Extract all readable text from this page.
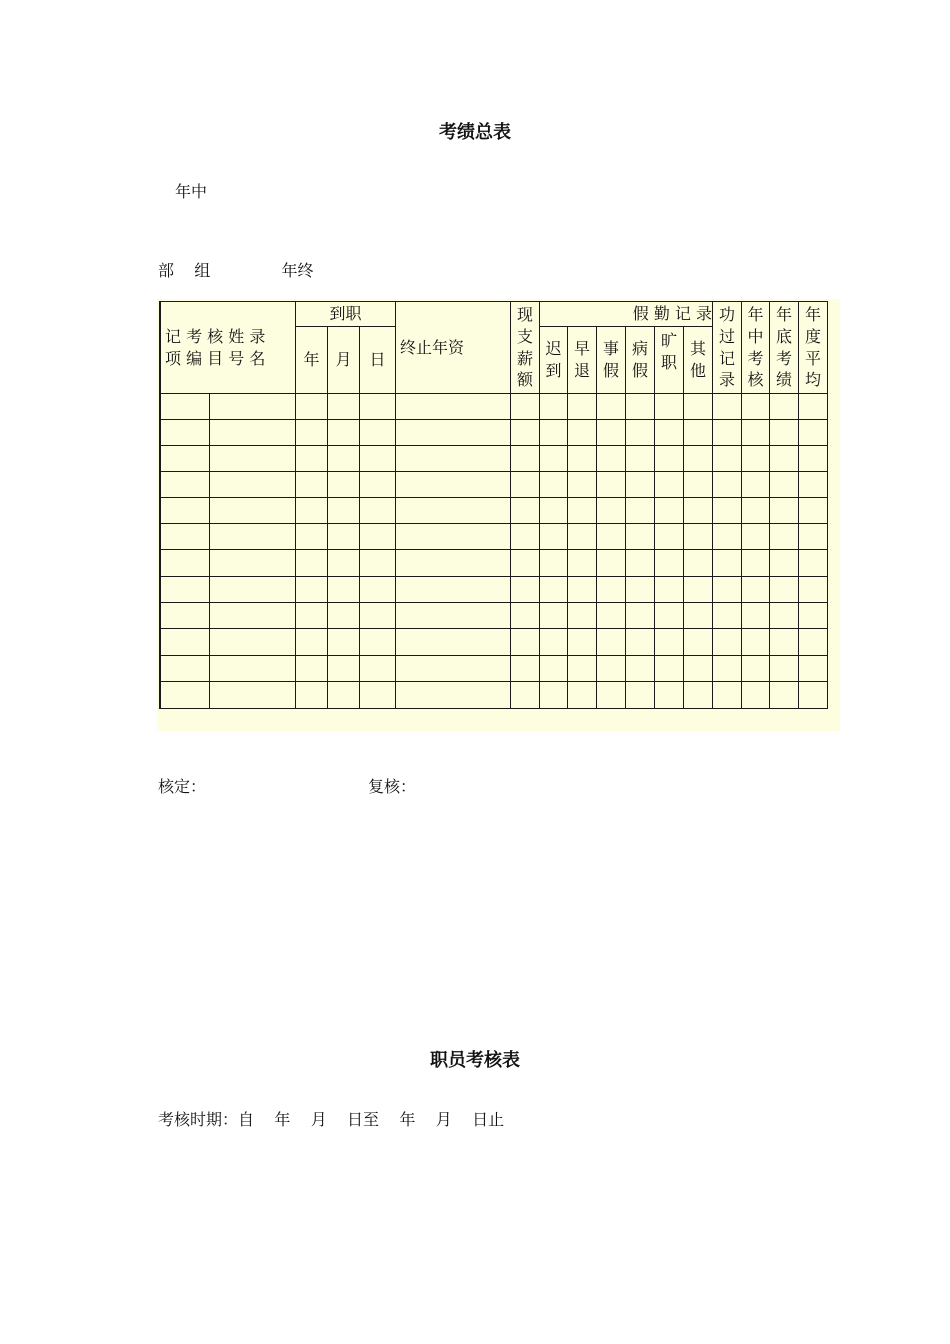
考绩总表
年中
部    组              年终
记 考 核 姓 录
项 编 目 号 名
到职
年 月	日
终止年资
现
支
薪
额
假 勤 记 录
迟
到
早
退
事
假
病
假
旷
职
其
他
功
过
记
录
年
中
考
核
年
底
考
绩
年
度
平
均
核定：	复核：
职员考核表
考核时期：自    年    月    日至    年    月    日止
